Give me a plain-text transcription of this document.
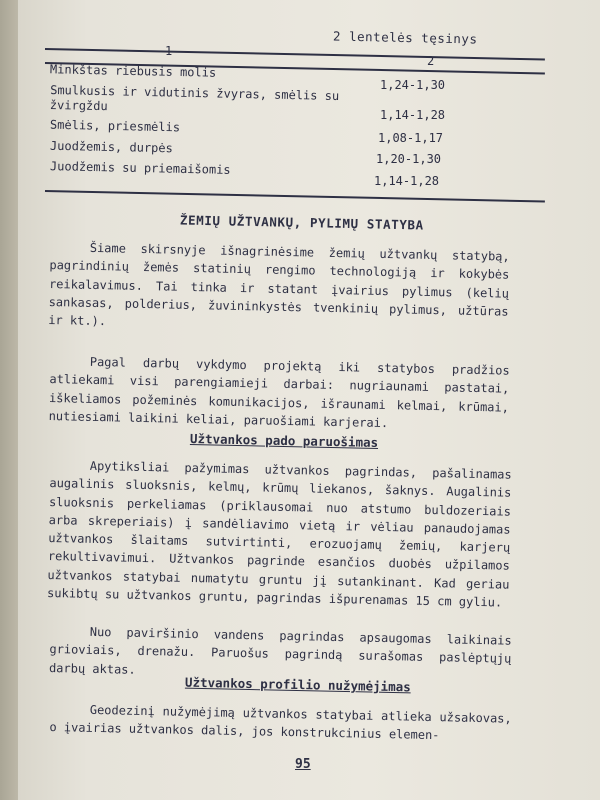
2 lentelės tęsinys
1
2
Minkštas riebusis molis
Smulkusis ir vidutinis žvyras, smėlis su žvirgždu
Smėlis, priesmėlis
Juodžemis, durpės
Juodžemis su priemaišomis
1,24-1,30
1,14-1,28
1,08-1,17
1,20-1,30
1,14-1,28
ŽEMIŲ UŽTVANKŲ, PYLIMŲ STATYBA
Šiame skirsnyje išnagrinėsime žemių užtvankų statybą, pagrindinių žemės statinių rengimo technologiją ir kokybės reikalavimus. Tai tinka ir statant įvairius pylimus (kelių sankasas, polderius, žuvininkystės tvenkinių pylimus, užtūras ir kt.).
Pagal darbų vykdymo projektą iki statybos pradžios atliekami visi parengiamieji darbai: nugriaunami pastatai, iškeliamos požeminės komunikacijos, išraunami kelmai, krūmai, nutiesiami laikini keliai, paruošiami karjerai.
Užtvankos pado paruošimas
Apytiksliai pažymimas užtvankos pagrindas, pašalinamas augalinis sluoksnis, kelmų, krūmų liekanos, šaknys. Augalinis sluoksnis perkeliamas (priklausomai nuo atstumo buldozeriais arba skreperiais) į sandėliavimo vietą ir vėliau panaudojamas užtvankos šlaitams sutvirtinti, erozuojamų žemių, karjerų rekultivavimui. Užtvankos pagrinde esančios duobės užpilamos užtvankos statybai numatytu gruntu jį sutankinant. Kad geriau sukibtų su užtvankos gruntu, pagrindas išpurenamas 15 cm gyliu.
Nuo paviršinio vandens pagrindas apsaugomas laikinais grioviais, drenažu. Paruošus pagrindą surašomas paslėptųjų darbų aktas.
Užtvankos profilio nužymėjimas
Geodezinį nužymėjimą užtvankos statybai atlieka užsakovas, o įvairias užtvankos dalis, jos konstrukcinius elemen-
95
